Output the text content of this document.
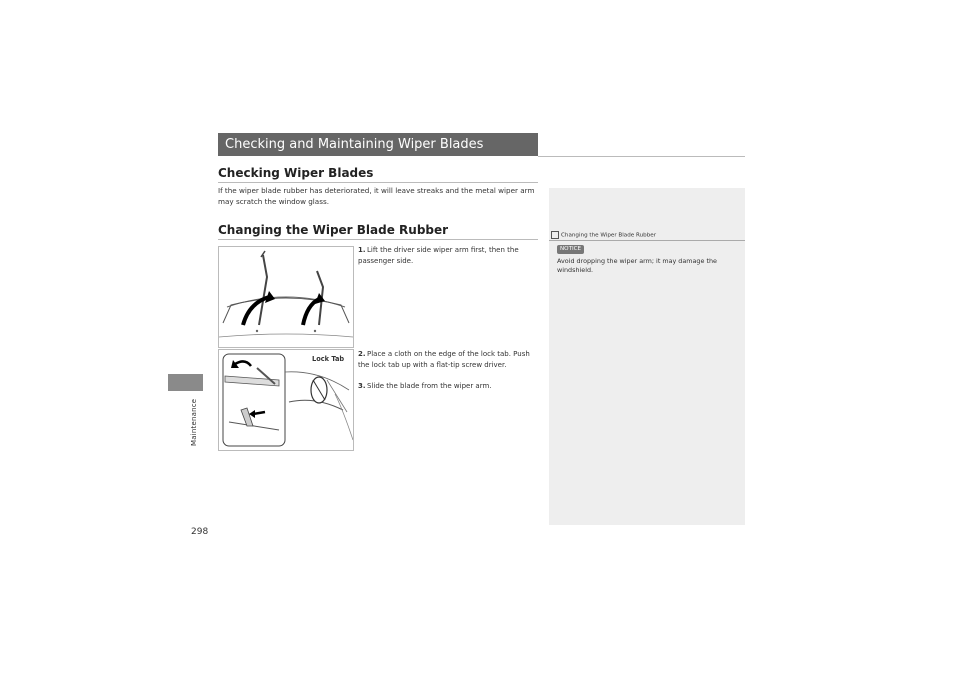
Maintenance
298
Checking and Maintaining Wiper Blades
Checking Wiper Blades
If the wiper blade rubber has deteriorated, it will leave streaks and the metal wiper arm may scratch the window glass.
Changing the Wiper Blade Rubber
Lock Tab
1.Lift the driver side wiper arm first, then the passenger side.
2.Place a cloth on the edge of the lock tab. Push the lock tab up with a flat-tip screw driver.
3.Slide the blade from the wiper arm.
Changing the Wiper Blade Rubber
NOTICE
Avoid dropping the wiper arm; it may damage the windshield.
